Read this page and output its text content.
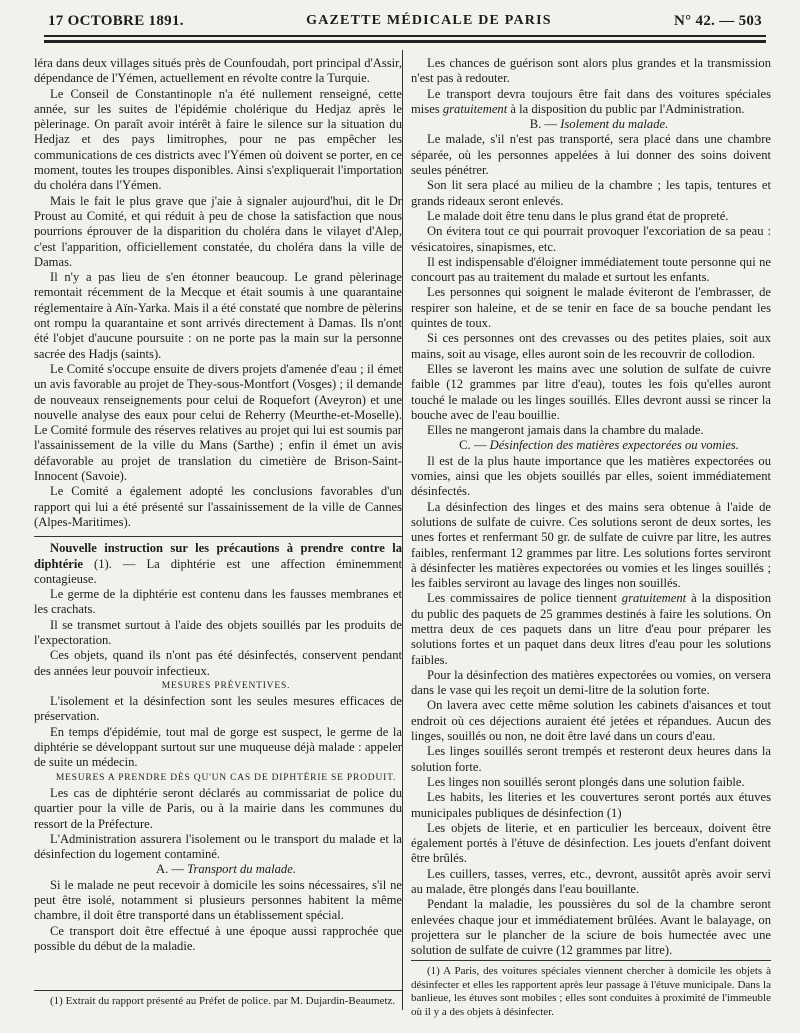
17 OCTOBRE 1891.	GAZETTE MÉDICALE DE PARIS	N° 42. — 503

léra dans deux villages situés près de Counfoudah, port principal d'Assir, dépendance de l'Yémen, actuellement en révolte contre la Turquie.

Le Conseil de Constantinople n'a été nullement renseigné, cette année, sur les suites de l'épidémie cholérique du Hedjaz après le pèlerinage. On paraît avoir intérêt à faire le silence sur la situation du Hedjaz et des pays limitrophes, pour ne pas empêcher les communications de ces districts avec l'Yémen où doivent se porter, en ce moment, toutes les troupes disponibles. Ainsi s'expliquerait l'importation du choléra dans l'Yémen.

Mais le fait le plus grave que j'aie à signaler aujourd'hui, dit le Dr Proust au Comité, et qui réduit à peu de chose la satisfaction que nous pourrions éprouver de la disparition du choléra dans le vilayet d'Alep, c'est l'apparition, officiellement constatée, du choléra dans la ville de Damas.

Il n'y a pas lieu de s'en étonner beaucoup. Le grand pèlerinage remontait récemment de la Mecque et était soumis à une quarantaine réglementaire à Aïn-Yarka. Mais il a été constaté que nombre de pèlerins ont rompu la quarantaine et sont arrivés directement à Damas. Ils n'ont été l'objet d'aucune poursuite : on ne porte pas la main sur la personne sacrée des Hadjs (saints).

Le Comité s'occupe ensuite de divers projets d'amenée d'eau ; il émet un avis favorable au projet de They-sous-Montfort (Vosges) ; il demande de nouveaux renseignements pour celui de Roquefort (Aveyron) et une nouvelle analyse des eaux pour celui de Reherry (Meurthe-et-Moselle). Le Comité formule des réserves relatives au projet qui lui est soumis par l'assainissement de la ville du Mans (Sarthe) ; enfin il émet un avis défavorable au projet de translation du cimetière de Brison-Saint-Innocent (Savoie).

Le Comité a également adopté les conclusions favorables d'un rapport qui lui a été présenté sur l'assainissement de la ville de Cannes (Alpes-Maritimes).

Nouvelle instruction sur les précautions à prendre contre la diphtérie (1). — La diphtérie est une affection éminemment contagieuse.

Le germe de la diphtérie est contenu dans les fausses membranes et les crachats.

Il se transmet surtout à l'aide des objets souillés par les produits de l'expectoration.

Ces objets, quand ils n'ont pas été désinfectés, conservent pendant des années leur pouvoir infectieux.

MESURES PRÉVENTIVES.

L'isolement et la désinfection sont les seules mesures efficaces de préservation.

En temps d'épidémie, tout mal de gorge est suspect, le germe de la diphtérie se développant surtout sur une muqueuse déjà malade : appeler de suite un médecin.

MESURES A PRENDRE DÈS QU'UN CAS DE DIPHTÉRIE SE PRODUIT.

Les cas de diphtérie seront déclarés au commissariat de police du quartier pour la ville de Paris, ou à la mairie dans les communes du ressort de la Préfecture.

L'Administration assurera l'isolement ou le transport du malade et la désinfection du logement contaminé.

A. — Transport du malade.

Si le malade ne peut recevoir à domicile les soins nécessaires, s'il ne peut être isolé, notamment si plusieurs personnes habitent la même chambre, il doit être transporté dans un établissement spécial.

Ce transport doit être effectué à une époque aussi rapprochée que possible du début de la maladie.

(1) Extrait du rapport présenté au Préfet de police. par M. Dujardin-Beaumetz.

Les chances de guérison sont alors plus grandes et la transmission n'est pas à redouter.

Le transport devra toujours être fait dans des voitures spéciales mises gratuitement à la disposition du public par l'Administration.

B. — Isolement du malade.

Le malade, s'il n'est pas transporté, sera placé dans une chambre séparée, où les personnes appelées à lui donner des soins doivent seules pénétrer.

Son lit sera placé au milieu de la chambre ; les tapis, tentures et grands rideaux seront enlevés.

Le malade doit être tenu dans le plus grand état de propreté.

On évitera tout ce qui pourrait provoquer l'excoriation de sa peau : vésicatoires, sinapismes, etc.

Il est indispensable d'éloigner immédiatement toute personne qui ne concourt pas au traitement du malade et surtout les enfants.

Les personnes qui soignent le malade éviteront de l'embrasser, de respirer son haleine, et de se tenir en face de sa bouche pendant les quintes de toux.

Si ces personnes ont des crevasses ou des petites plaies, soit aux mains, soit au visage, elles auront soin de les recouvrir de collodion.

Elles se laveront les mains avec une solution de sulfate de cuivre faible (12 grammes par litre d'eau), toutes les fois qu'elles auront touché le malade ou les linges souillés. Elles devront aussi se rincer la bouche avec de l'eau bouillie.

Elles ne mangeront jamais dans la chambre du malade.

C. — Désinfection des matières expectorées ou vomies.

Il est de la plus haute importance que les matières expectorées ou vomies, ainsi que les objets souillés par elles, soient immédiatement désinfectés.

La désinfection des linges et des mains sera obtenue à l'aide de solutions de sulfate de cuivre. Ces solutions seront de deux sortes, les unes fortes et renfermant 50 gr. de sulfate de cuivre par litre, les autres faibles, renfermant 12 grammes par litre. Les solutions fortes serviront à désinfecter les matières expectorées ou vomies et les linges souillés ; les faibles serviront au lavage des linges non souillés.

Les commissaires de police tiennent gratuitement à la disposition du public des paquets de 25 grammes destinés à faire les solutions. On mettra deux de ces paquets dans un litre d'eau pour préparer les solutions fortes et un paquet dans deux litres d'eau pour les solutions faibles.

Pour la désinfection des matières expectorées ou vomies, on versera dans le vase qui les reçoit un demi-litre de la solution forte.

On lavera avec cette même solution les cabinets d'aisances et tout endroit où ces déjections auraient été jetées et répandues. Aucun des linges, souillés ou non, ne doit être lavé dans un cours d'eau.

Les linges souillés seront trempés et resteront deux heures dans la solution forte.

Les linges non souillés seront plongés dans une solution faible.

Les habits, les literies et les couvertures seront portés aux étuves municipales publiques de désinfection (1)

Les objets de literie, et en particulier les berceaux, doivent être également portés à l'étuve de désinfection. Les jouets d'enfant doivent être brûlés.

Les cuillers, tasses, verres, etc., devront, aussitôt après avoir servi au malade, être plongés dans l'eau bouillante.

Pendant la maladie, les poussières du sol de la chambre seront enlevées chaque jour et immédiatement brûlées. Avant le balayage, on projettera sur le plancher de la sciure de bois humectée avec une solution de sulfate de cuivre (12 grammes par litre).

(1) A Paris, des voitures spéciales viennent chercher à domicile les objets à désinfecter et elles les rapportent après leur passage à l'étuve municipale. Dans la banlieue, les étuves sont mobiles ; elles sont conduites à proximité de l'immeuble où il y a des objets à désinfecter.
